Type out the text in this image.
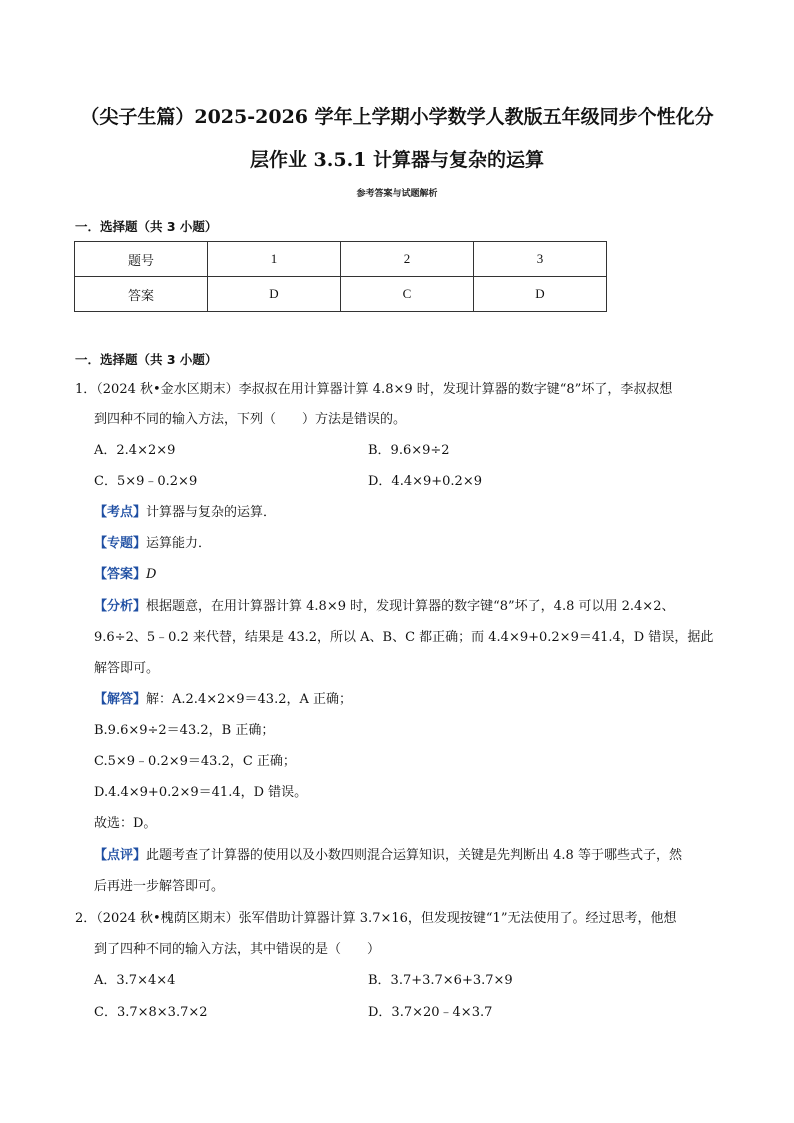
（尖子生篇）2025-2026 学年上学期小学数学人教版五年级同步个性化分
层作业 3.5.1 计算器与复杂的运算
参考答案与试题解析
一．选择题（共 3 小题）
题号	1	2	3
答案	D	C	D
一．选择题（共 3 小题）
1．（2024 秋•金水区期末）李叔叔在用计算器计算 4.8×9 时，发现计算器的数字键“8”坏了，李叔叔想
到四种不同的输入方法，下列（　　）方法是错误的。
A．2.4×2×9	B．9.6×9÷2
C．5×9﹣0.2×9	D．4.4×9+0.2×9
【考点】计算器与复杂的运算．
【专题】运算能力．
【答案】D
【分析】根据题意，在用计算器计算 4.8×9 时，发现计算器的数字键“8”坏了，4.8 可以用 2.4×2、
9.6÷2、5﹣0.2 来代替，结果是 43.2，所以 A、B、C 都正确；而 4.4×9+0.2×9＝41.4，D 错误，据此
解答即可。
【解答】解：A.2.4×2×9＝43.2，A 正确；
B.9.6×9÷2＝43.2，B 正确；
C.5×9﹣0.2×9＝43.2，C 正确；
D.4.4×9+0.2×9＝41.4，D 错误。
故选：D。
【点评】此题考查了计算器的使用以及小数四则混合运算知识，关键是先判断出 4.8 等于哪些式子，然
后再进一步解答即可。
2．（2024 秋•槐荫区期末）张军借助计算器计算 3.7×16，但发现按键“1”无法使用了。经过思考，他想
到了四种不同的输入方法，其中错误的是（　　）
A．3.7×4×4	B．3.7+3.7×6+3.7×9
C．3.7×8×3.7×2	D．3.7×20﹣4×3.7
